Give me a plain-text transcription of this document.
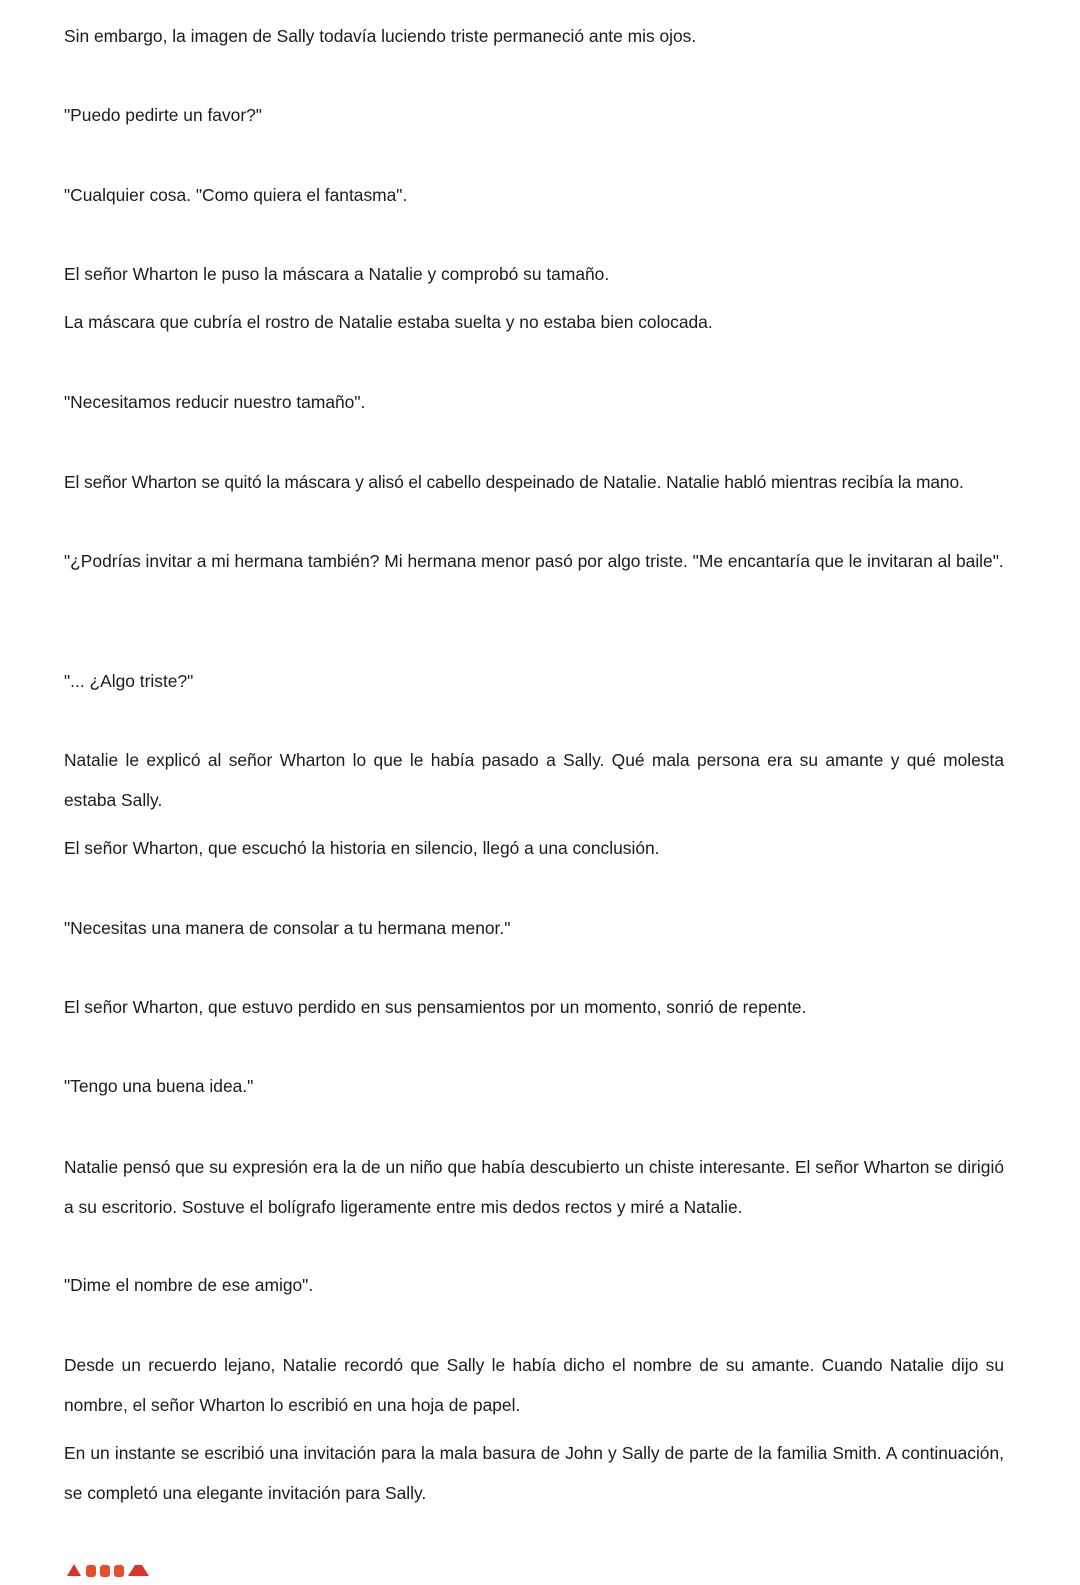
Sin embargo, la imagen de Sally todavía luciendo triste permaneció ante mis ojos.

"Puedo pedirte un favor?"

"Cualquier cosa. "Como quiera el fantasma".

El señor Wharton le puso la máscara a Natalie y comprobó su tamaño.

La máscara que cubría el rostro de Natalie estaba suelta y no estaba bien colocada.

"Necesitamos reducir nuestro tamaño".

El señor Wharton se quitó la máscara y alisó el cabello despeinado de Natalie. Natalie habló mientras recibía la mano.

"¿Podrías invitar a mi hermana también? Mi hermana menor pasó por algo triste. "Me encantaría que le invitaran al baile".

"... ¿Algo triste?"

Natalie le explicó al señor Wharton lo que le había pasado a Sally. Qué mala persona era su amante y qué molesta estaba Sally.

El señor Wharton, que escuchó la historia en silencio, llegó a una conclusión.

"Necesitas una manera de consolar a tu hermana menor."

El señor Wharton, que estuvo perdido en sus pensamientos por un momento, sonrió de repente.

"Tengo una buena idea."

Natalie pensó que su expresión era la de un niño que había descubierto un chiste interesante. El señor Wharton se dirigió a su escritorio. Sostuve el bolígrafo ligeramente entre mis dedos rectos y miré a Natalie.

"Dime el nombre de ese amigo".

Desde un recuerdo lejano, Natalie recordó que Sally le había dicho el nombre de su amante. Cuando Natalie dijo su nombre, el señor Wharton lo escribió en una hoja de papel.

En un instante se escribió una invitación para la mala basura de John y Sally de parte de la familia Smith. A continuación, se completó una elegante invitación para Sally.
